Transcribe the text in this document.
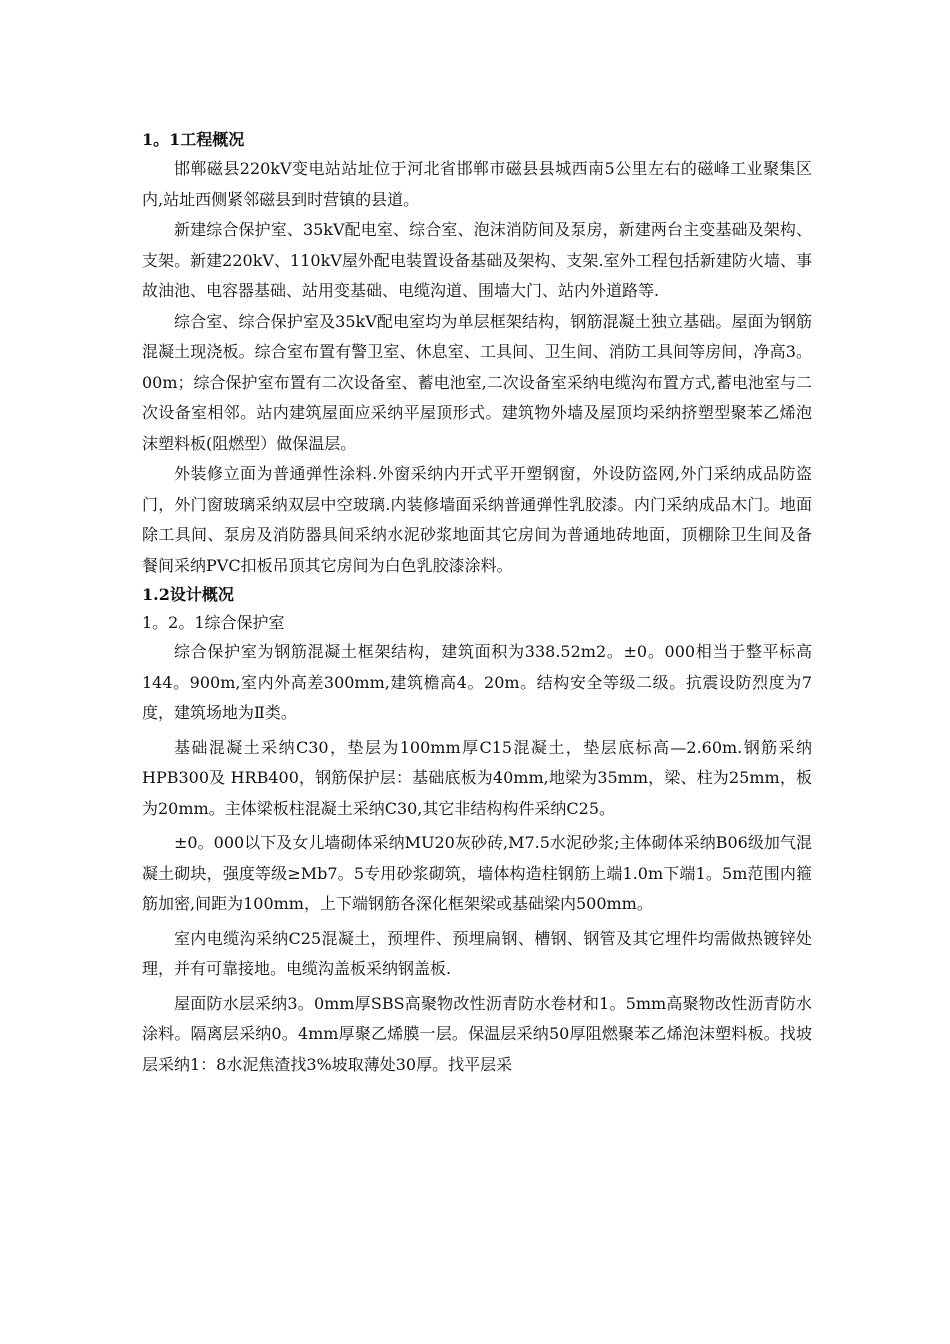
1。1工程概况

邯郸磁县220kV变电站站址位于河北省邯郸市磁县县城西南5公里左右的磁峰工业聚集区内,站址西侧紧邻磁县到时营镇的县道。

新建综合保护室、35kV配电室、综合室、泡沫消防间及泵房，新建两台主变基础及架构、支架。新建220kV、110kV屋外配电装置设备基础及架构、支架.室外工程包括新建防火墙、事故油池、电容器基础、站用变基础、电缆沟道、围墙大门、站内外道路等.

综合室、综合保护室及35kV配电室均为单层框架结构，钢筋混凝土独立基础。屋面为钢筋混凝土现浇板。综合室布置有警卫室、休息室、工具间、卫生间、消防工具间等房间，净高3。00m；综合保护室布置有二次设备室、蓄电池室,二次设备室采纳电缆沟布置方式,蓄电池室与二次设备室相邻。站内建筑屋面应采纳平屋顶形式。建筑物外墙及屋顶均采纳挤塑型聚苯乙烯泡沫塑料板(阻燃型）做保温层。

外装修立面为普通弹性涂料.外窗采纳内开式平开塑钢窗，外设防盗网,外门采纳成品防盗门，外门窗玻璃采纳双层中空玻璃.内装修墙面采纳普通弹性乳胶漆。内门采纳成品木门。地面除工具间、泵房及消防器具间采纳水泥砂浆地面其它房间为普通地砖地面，顶棚除卫生间及备餐间采纳PVC扣板吊顶其它房间为白色乳胶漆涂料。

1.2设计概况

1。2。1综合保护室

综合保护室为钢筋混凝土框架结构，建筑面积为338.52m2。±0。000相当于整平标高144。900m,室内外高差300mm,建筑檐高4。20m。结构安全等级二级。抗震设防烈度为7度，建筑场地为Ⅱ类。

基础混凝土采纳C30，垫层为100mm厚C15混凝土，垫层底标高—2.60m.钢筋采纳HPB300及 HRB400，钢筋保护层：基础底板为40mm,地梁为35mm，梁、柱为25mm，板为20mm。主体梁板柱混凝土采纳C30,其它非结构构件采纳C25。

±0。000以下及女儿墙砌体采纳MU20灰砂砖,M7.5水泥砂浆;主体砌体采纳B06级加气混凝土砌块，强度等级≥Mb7。5专用砂浆砌筑，墙体构造柱钢筋上端1.0m下端1。5m范围内箍筋加密,间距为100mm，上下端钢筋各深化框架梁或基础梁内500mm。

室内电缆沟采纳C25混凝土，预埋件、预埋扁钢、槽钢、钢管及其它埋件均需做热镀锌处理，并有可靠接地。电缆沟盖板采纳钢盖板.

屋面防水层采纳3。0mm厚SBS高聚物改性沥青防水卷材和1。5mm高聚物改性沥青防水涂料。隔离层采纳0。4mm厚聚乙烯膜一层。保温层采纳50厚阻燃聚苯乙烯泡沫塑料板。找坡层采纳1：8水泥焦渣找3%坡取薄处30厚。找平层采
